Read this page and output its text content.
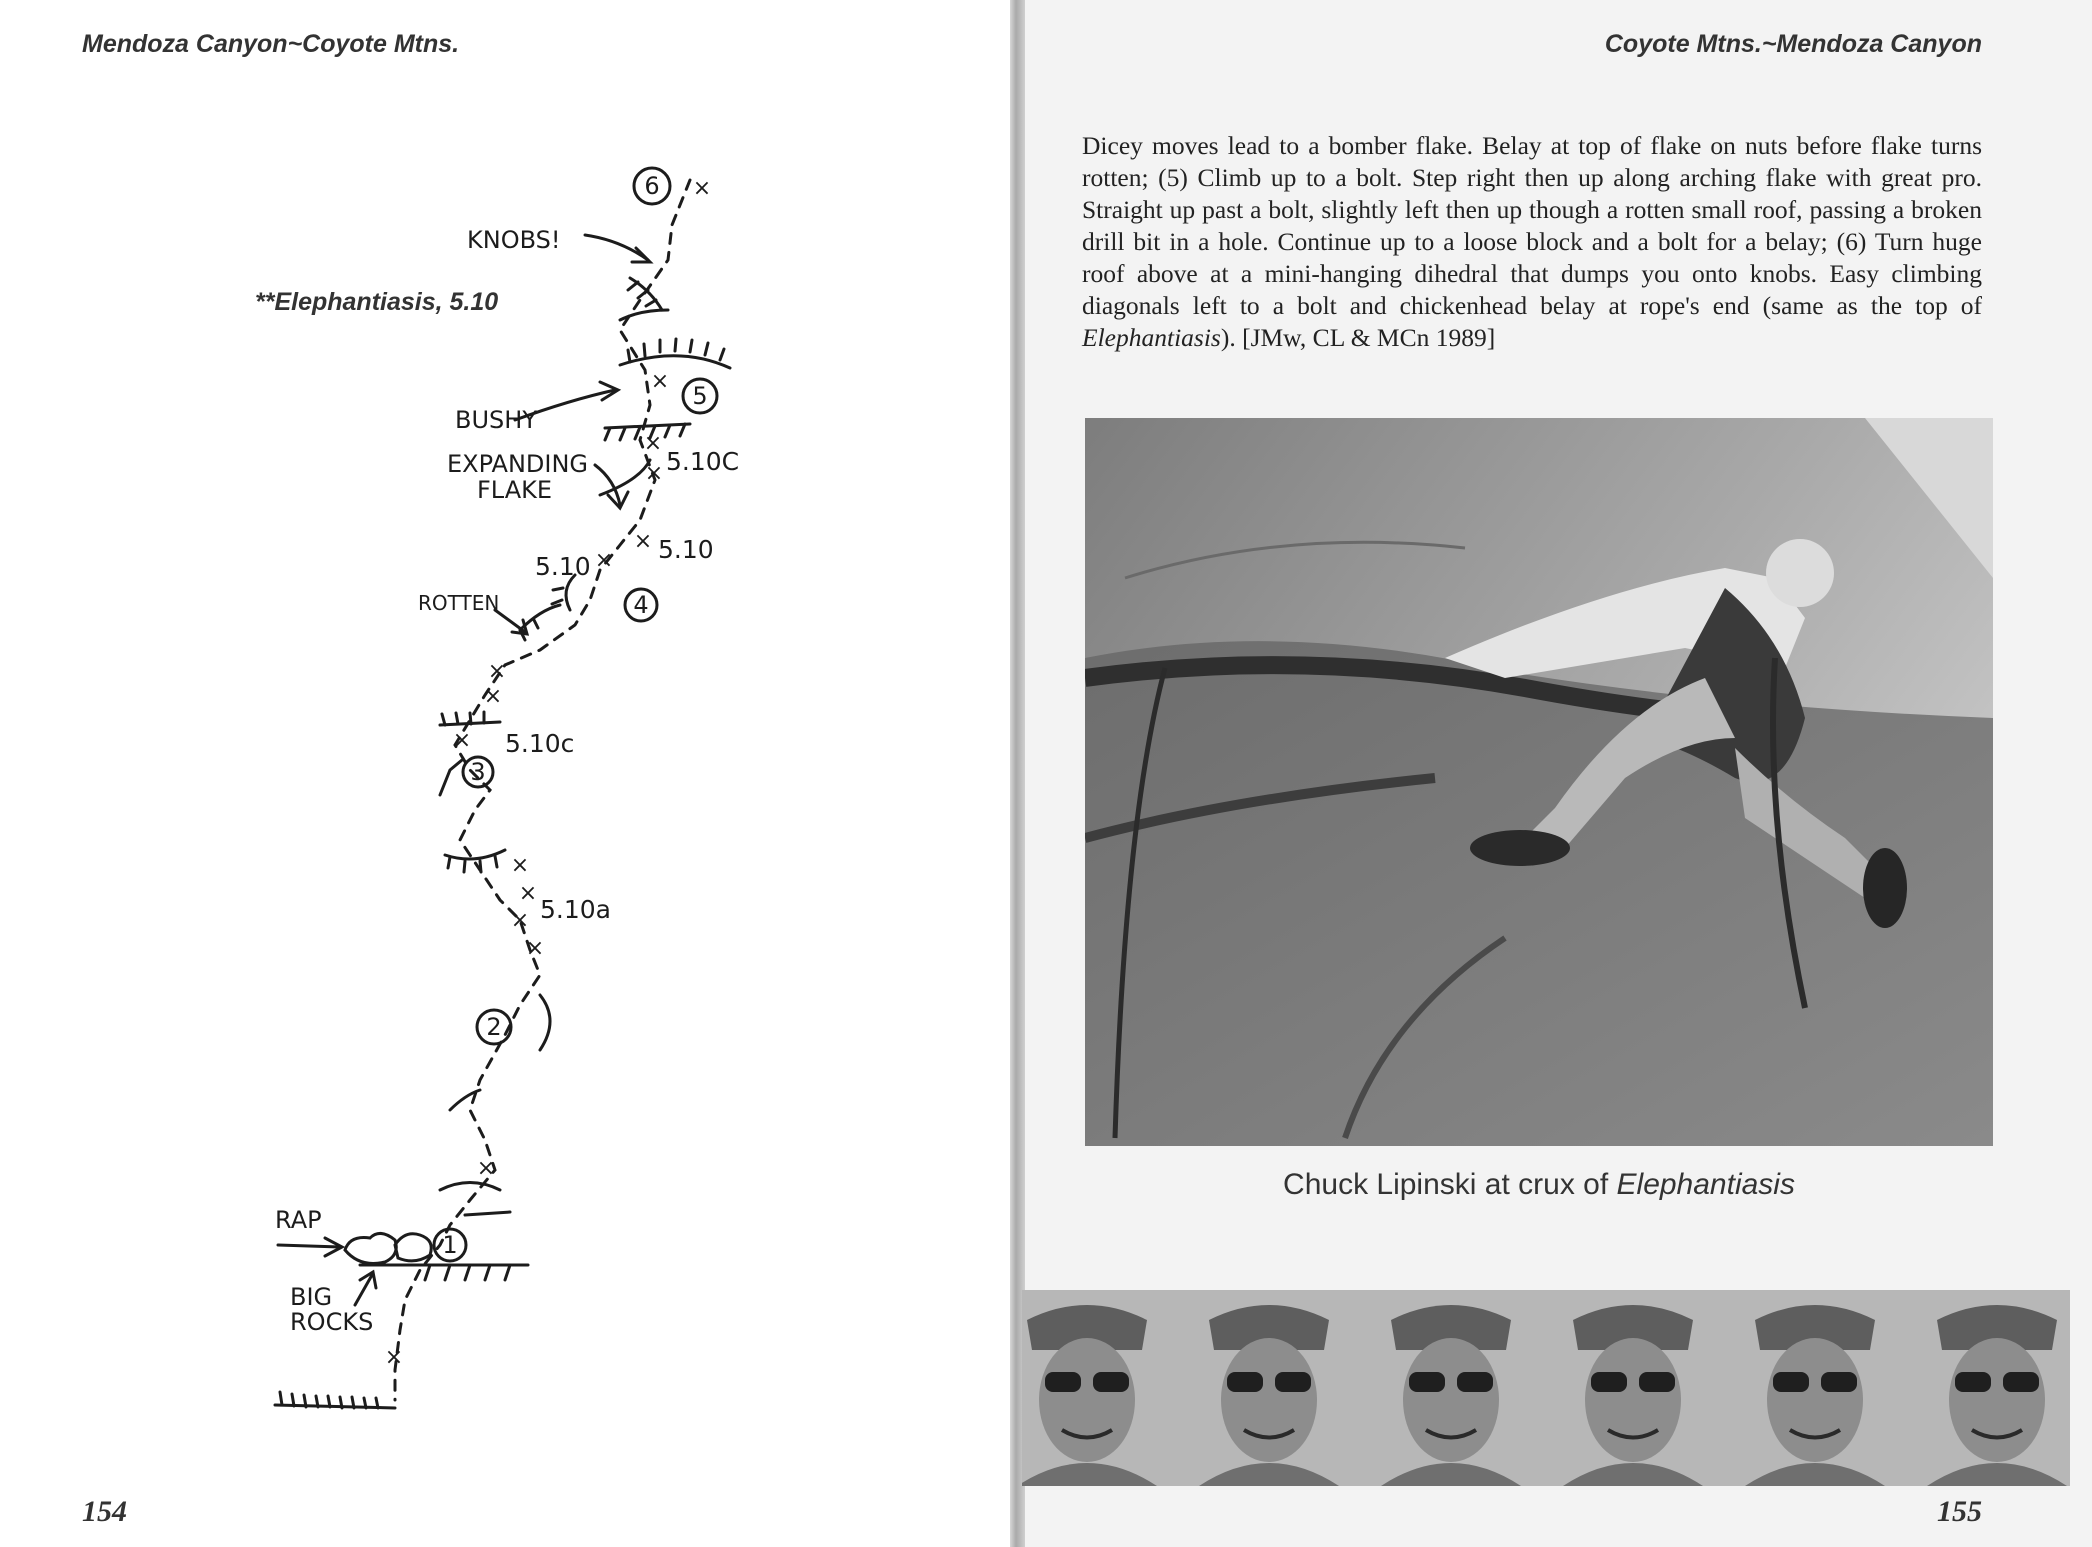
Mendoza Canyon~Coyote Mtns.
**Elephantiasis, 5.10
×
×
×
×
×
×
×
×
×
×
×
×
×
×
×
6
5
4
3
2
1
5.10C
5.10
5.10
5.10c
5.10a
KNOBS!
BUSHY
EXPANDING
FLAKE
ROTTEN
RAP
BIG
ROCKS
154
Coyote Mtns.~Mendoza Canyon

Dicey moves lead to a bomber flake. Belay at top of flake on nuts before flake turns rotten; (5) Climb up to a bolt. Step right then up along arching flake with great pro. Straight up past a bolt, slightly left then up though a rotten small roof, passing a broken drill bit in a hole. Continue up to a loose block and a bolt for a belay; (6) Turn huge roof above at a mini-hanging dihedral that dumps you onto knobs. Easy climbing diagonals left to a bolt and chickenhead belay at rope's end (same as the top of Elephantiasis). [JMw, CL & MCn 1989]

Chuck Lipinski at crux of Elephantiasis
155
